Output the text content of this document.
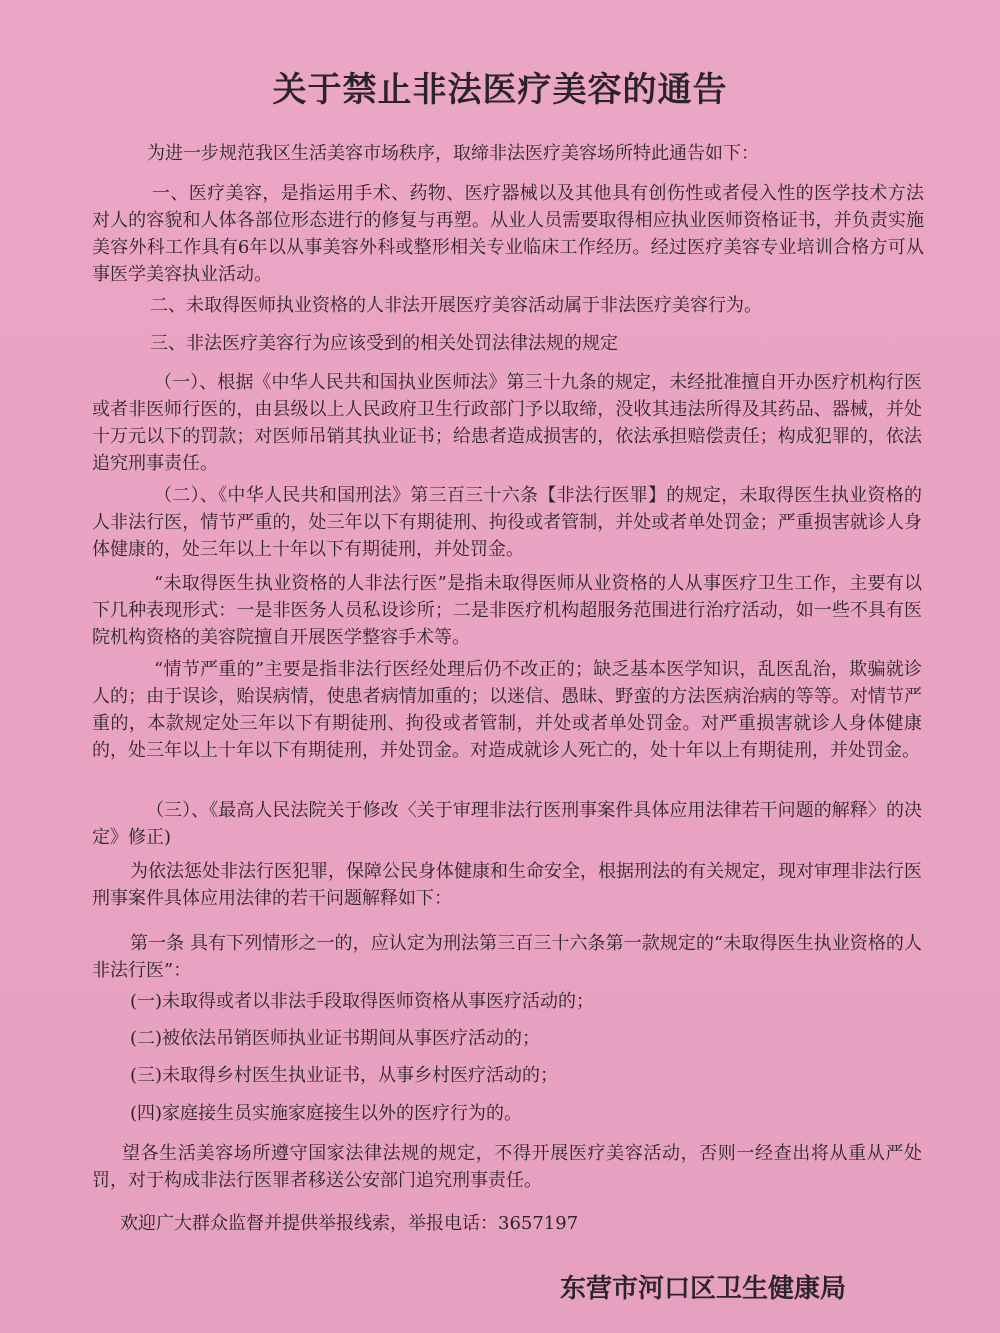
关于禁止非法医疗美容的通告

为进一步规范我区生活美容市场秩序，取缔非法医疗美容场所特此通告如下：

一、医疗美容，是指运用手术、药物、医疗器械以及其他具有创伤性或者侵入性的医学技术方法对人的容貌和人体各部位形态进行的修复与再塑。从业人员需要取得相应执业医师资格证书，并负责实施美容外科工作具有6年以从事美容外科或整形相关专业临床工作经历。经过医疗美容专业培训合格方可从事医学美容执业活动。

二、未取得医师执业资格的人非法开展医疗美容活动属于非法医疗美容行为。

三、非法医疗美容行为应该受到的相关处罚法律法规的规定

（一）、根据《中华人民共和国执业医师法》第三十九条的规定，未经批准擅自开办医疗机构行医或者非医师行医的，由县级以上人民政府卫生行政部门予以取缔，没收其违法所得及其药品、器械，并处十万元以下的罚款；对医师吊销其执业证书；给患者造成损害的，依法承担赔偿责任；构成犯罪的，依法追究刑事责任。

（二）、《中华人民共和国刑法》第三百三十六条【非法行医罪】的规定，未取得医生执业资格的人非法行医，情节严重的，处三年以下有期徒刑、拘役或者管制，并处或者单处罚金；严重损害就诊人身体健康的，处三年以上十年以下有期徒刑，并处罚金。

“未取得医生执业资格的人非法行医”是指未取得医师从业资格的人从事医疗卫生工作，主要有以下几种表现形式：一是非医务人员私设诊所；二是非医疗机构超服务范围进行治疗活动，如一些不具有医院机构资格的美容院擅自开展医学整容手术等。

“情节严重的”主要是指非法行医经处理后仍不改正的；缺乏基本医学知识，乱医乱治，欺骗就诊人的；由于误诊，贻误病情，使患者病情加重的；以迷信、愚昧、野蛮的方法医病治病的等等。对情节严重的，本款规定处三年以下有期徒刑、拘役或者管制，并处或者单处罚金。对严重损害就诊人身体健康的，处三年以上十年以下有期徒刑，并处罚金。对造成就诊人死亡的，处十年以上有期徒刑，并处罚金。

（三）、《最高人民法院关于修改〈关于审理非法行医刑事案件具体应用法律若干问题的解释〉的决定》修正)

为依法惩处非法行医犯罪，保障公民身体健康和生命安全，根据刑法的有关规定，现对审理非法行医刑事案件具体应用法律的若干问题解释如下：

第一条 具有下列情形之一的，应认定为刑法第三百三十六条第一款规定的“未取得医生执业资格的人非法行医”：

(一)未取得或者以非法手段取得医师资格从事医疗活动的；

(二)被依法吊销医师执业证书期间从事医疗活动的；

(三)未取得乡村医生执业证书，从事乡村医疗活动的；

(四)家庭接生员实施家庭接生以外的医疗行为的。

望各生活美容场所遵守国家法律法规的规定，不得开展医疗美容活动，否则一经查出将从重从严处罚，对于构成非法行医罪者移送公安部门追究刑事责任。

欢迎广大群众监督并提供举报线索，举报电话：3657197

东营市河口区卫生健康局
